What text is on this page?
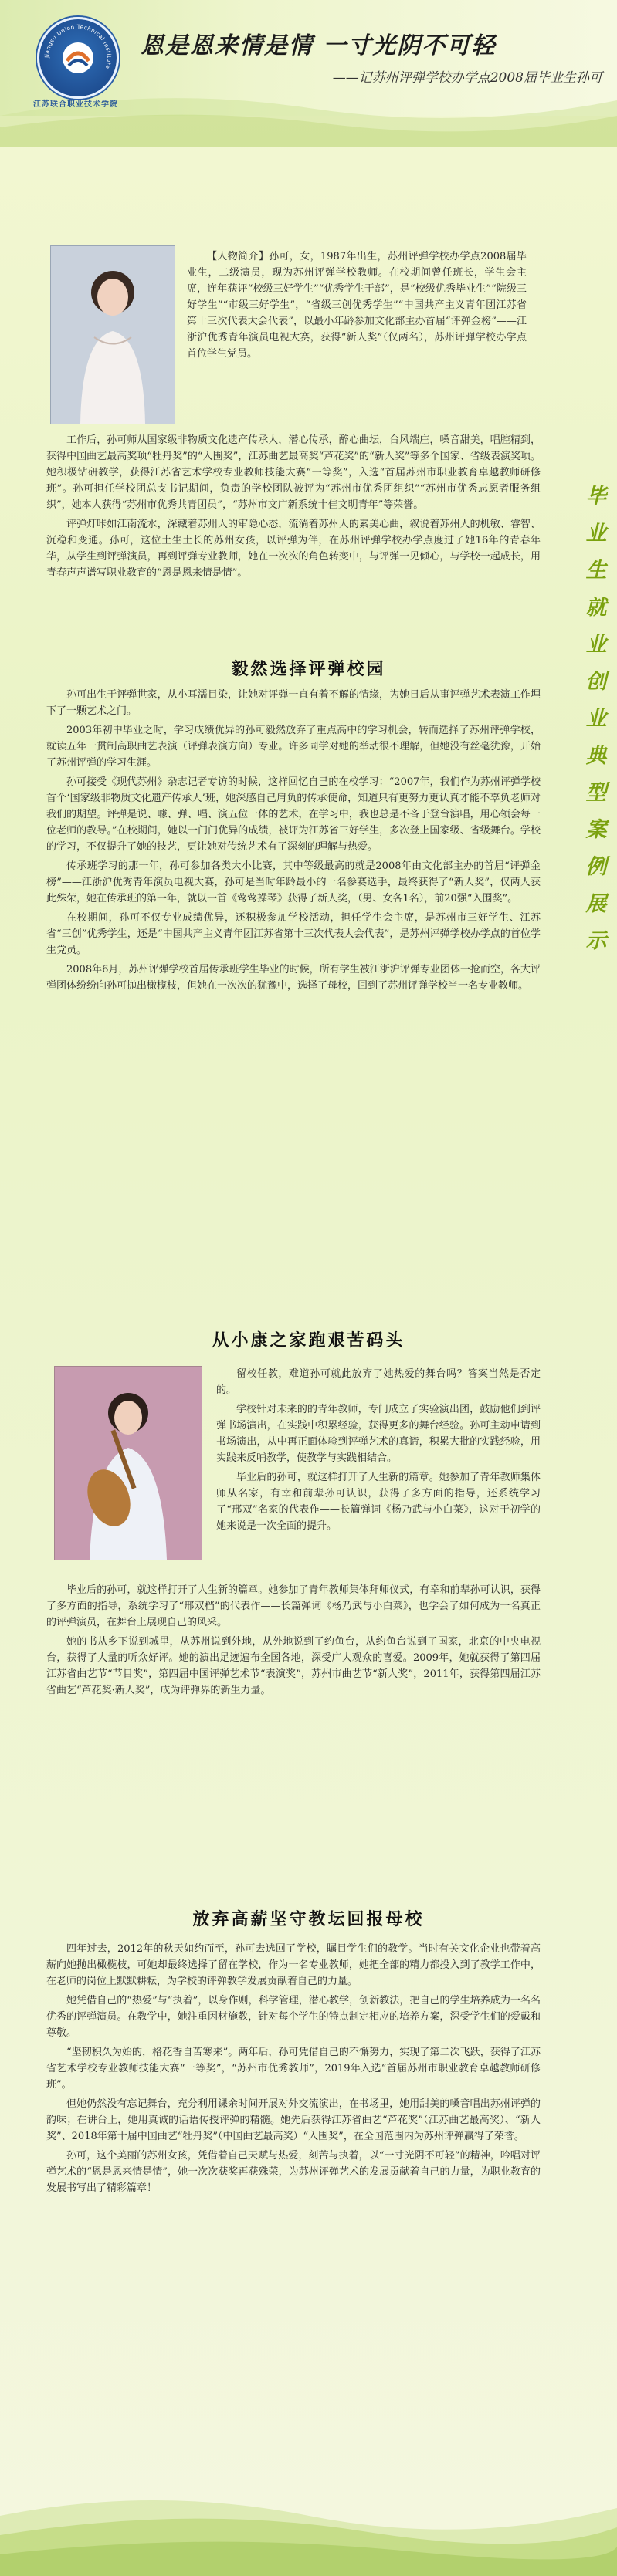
Jiangsu Union Technical Institute
江苏联合职业技术学院
恩是恩来情是情 一寸光阴不可轻
——记苏州评弹学校办学点2008届毕业生孙可
毕
业
生
就
业
创
业
典
型
案
例
展
示

【人物简介】孙可，女，1987年出生，苏州评弹学校办学点2008届毕业生，二级演员，现为苏州评弹学校教师。在校期间曾任班长，学生会主席，连年获评“校级三好学生”“优秀学生干部”，是“校级优秀毕业生”“院级三好学生”“市级三好学生”，“省级三创优秀学生”“中国共产主义青年团江苏省第十三次代表大会代表”，以最小年龄参加文化部主办首届“评弹金榜”——江浙沪优秀青年演员电视大赛，获得“新人奖”（仅两名），苏州评弹学校办学点首位学生党员。

工作后，孙可师从国家级非物质文化遗产传承人，潜心传承，醉心曲坛，台风端庄，嗓音甜美，唱腔精到，获得中国曲艺最高奖项“牡丹奖”的“入围奖”，江苏曲艺最高奖“芦花奖”的“新人奖”等多个国家、省级表演奖项。她积极钻研教学，获得江苏省艺术学校专业教师技能大赛“一等奖”，入选“首届苏州市职业教育卓越教师研修班”。孙可担任学校团总支书记期间，负责的学校团队被评为“苏州市优秀团组织”“苏州市优秀志愿者服务组织”，她本人获得“苏州市优秀共青团员”，“苏州市文广新系统十佳文明青年”等荣誉。

评弹灯咔如江南流水，深藏着苏州人的审隐心态，流淌着苏州人的素美心曲，叙说着苏州人的机敏、睿智、沉稳和变通。孙可，这位土生土长的苏州女孩，以评弹为伴，在苏州评弹学校办学点度过了她16年的青春年华，从学生到评弹演员，再到评弹专业教师，她在一次次的角色转变中，与评弹一见倾心，与学校一起成长，用青春声声谱写职业教育的“恩是恩来情是情”。

毅然选择评弹校园

孙可出生于评弹世家，从小耳濡目染，让她对评弹一直有着不解的情缘，为她日后从事评弹艺术表演工作埋下了一颗艺术之门。

2003年初中毕业之时，学习成绩优异的孙可毅然放弃了重点高中的学习机会，转而选择了苏州评弹学校，就读五年一贯制高职曲艺表演（评弹表演方向）专业。许多同学对她的举动很不理解，但她没有丝毫犹豫，开始了苏州评弹的学习生涯。

孙可接受《现代苏州》杂志记者专访的时候，这样回忆自己的在校学习：“2007年，我们作为苏州评弹学校首个‘国家级非物质文化遗产传承人’班，她深感自己肩负的传承使命，知道只有更努力更认真才能不辜负老师对我们的期望。评弹是说、噱、弹、唱、演五位一体的艺术，在学习中，我也总是不吝于登台演唱，用心领会每一位老师的教导。”在校期间，她以一门门优异的成绩，被评为江苏省三好学生，多次登上国家级、省级舞台。学校的学习，不仅提升了她的技艺，更让她对传统艺术有了深刻的理解与热爱。

传承班学习的那一年，孙可参加各类大小比赛，其中等级最高的就是2008年由文化部主办的首届“评弹金榜”——江浙沪优秀青年演员电视大赛，孙可是当时年龄最小的一名参赛选手，最终获得了“新人奖”，仅两人获此殊荣，她在传承班的第一年，就以一首《莺莺操琴》获得了新人奖，（男、女各1名），前20强“入围奖”。

在校期间，孙可不仅专业成绩优异，还积极参加学校活动，担任学生会主席，是苏州市三好学生、江苏省“三创”优秀学生，还是“中国共产主义青年团江苏省第十三次代表大会代表”，是苏州评弹学校办学点的首位学生党员。

2008年6月，苏州评弹学校首届传承班学生毕业的时候，所有学生被江浙沪评弹专业团体一抢而空，各大评弹团体纷纷向孙可抛出橄榄枝，但她在一次次的犹豫中，选择了母校，回到了苏州评弹学校当一名专业教师。

从小康之家跑艰苦码头

留校任教，难道孙可就此放弃了她热爱的舞台吗？答案当然是否定的。

学校针对未来的的青年教师，专门成立了实验演出团，鼓励他们到评弹书场演出，在实践中积累经验，获得更多的舞台经验。孙可主动申请到书场演出，从中再正面体验到评弹艺术的真谛，积累大批的实践经验，用实践来反哺教学，使教学与实践相结合。

毕业后的孙可，就这样打开了人生新的篇章。她参加了青年教师集体师从名家，有幸和前辈孙可认识，获得了多方面的指导，还系统学习了“邢双”名家的代表作——长篇弹词《杨乃武与小白菜》，这对于初学的她来说是一次全面的提升。

毕业后的孙可，就这样打开了人生新的篇章。她参加了青年教师集体拜师仪式，有幸和前辈孙可认识，获得了多方面的指导，系统学习了“邢双档”的代表作——长篇弹词《杨乃武与小白菜》，也学会了如何成为一名真正的评弹演员，在舞台上展现自己的风采。

她的书从乡下说到城里，从苏州说到外地，从外地说到了约鱼台，从约鱼台说到了国家，北京的中央电视台，获得了大量的听众好评。她的演出足迹遍布全国各地，深受广大观众的喜爱。2009年，她就获得了第四届江苏省曲艺节“节目奖”，第四届中国评弹艺术节“表演奖”，苏州市曲艺节“新人奖”，2011年，获得第四届江苏省曲艺“芦花奖·新人奖”，成为评弹界的新生力量。

放弃高薪坚守教坛回报母校

四年过去，2012年的秋天如约而至，孙可去选回了学校，瞩目学生们的教学。当时有关文化企业也带着高薪向她抛出橄榄枝，可她却最终选择了留在学校，作为一名专业教师，她把全部的精力都投入到了教学工作中，在老师的岗位上默默耕耘，为学校的评弹教学发展贡献着自己的力量。

她凭借自己的“热爱”与“执着”，以身作则，科学管理，潜心教学，创新教法，把自己的学生培养成为一名名优秀的评弹演员。在教学中，她注重因材施教，针对每个学生的特点制定相应的培养方案，深受学生们的爱戴和尊敬。

“坚韧积久为始的，格花香自苦寒来”。两年后，孙可凭借自己的不懈努力，实现了第二次飞跃，获得了江苏省艺术学校专业教师技能大赛“一等奖”，“苏州市优秀教师”，2019年入选“首届苏州市职业教育卓越教师研修班”。

但她仍然没有忘记舞台，充分利用课余时间开展对外交流演出，在书场里，她用甜美的嗓音唱出苏州评弹的韵味；在讲台上，她用真诚的话语传授评弹的精髓。她先后获得江苏省曲艺“芦花奖”（江苏曲艺最高奖）、“新人奖”、2018年第十届中国曲艺“牡丹奖”（中国曲艺最高奖）“入围奖”，在全国范围内为苏州评弹赢得了荣誉。

孙可，这个美丽的苏州女孩，凭借着自己天赋与热爱，刻苦与执着，以“一寸光阴不可轻”的精神，吟唱对评弹艺术的“恩是恩来情是情”，她一次次获奖再获殊荣，为苏州评弹艺术的发展贡献着自己的力量，为职业教育的发展书写出了精彩篇章！
